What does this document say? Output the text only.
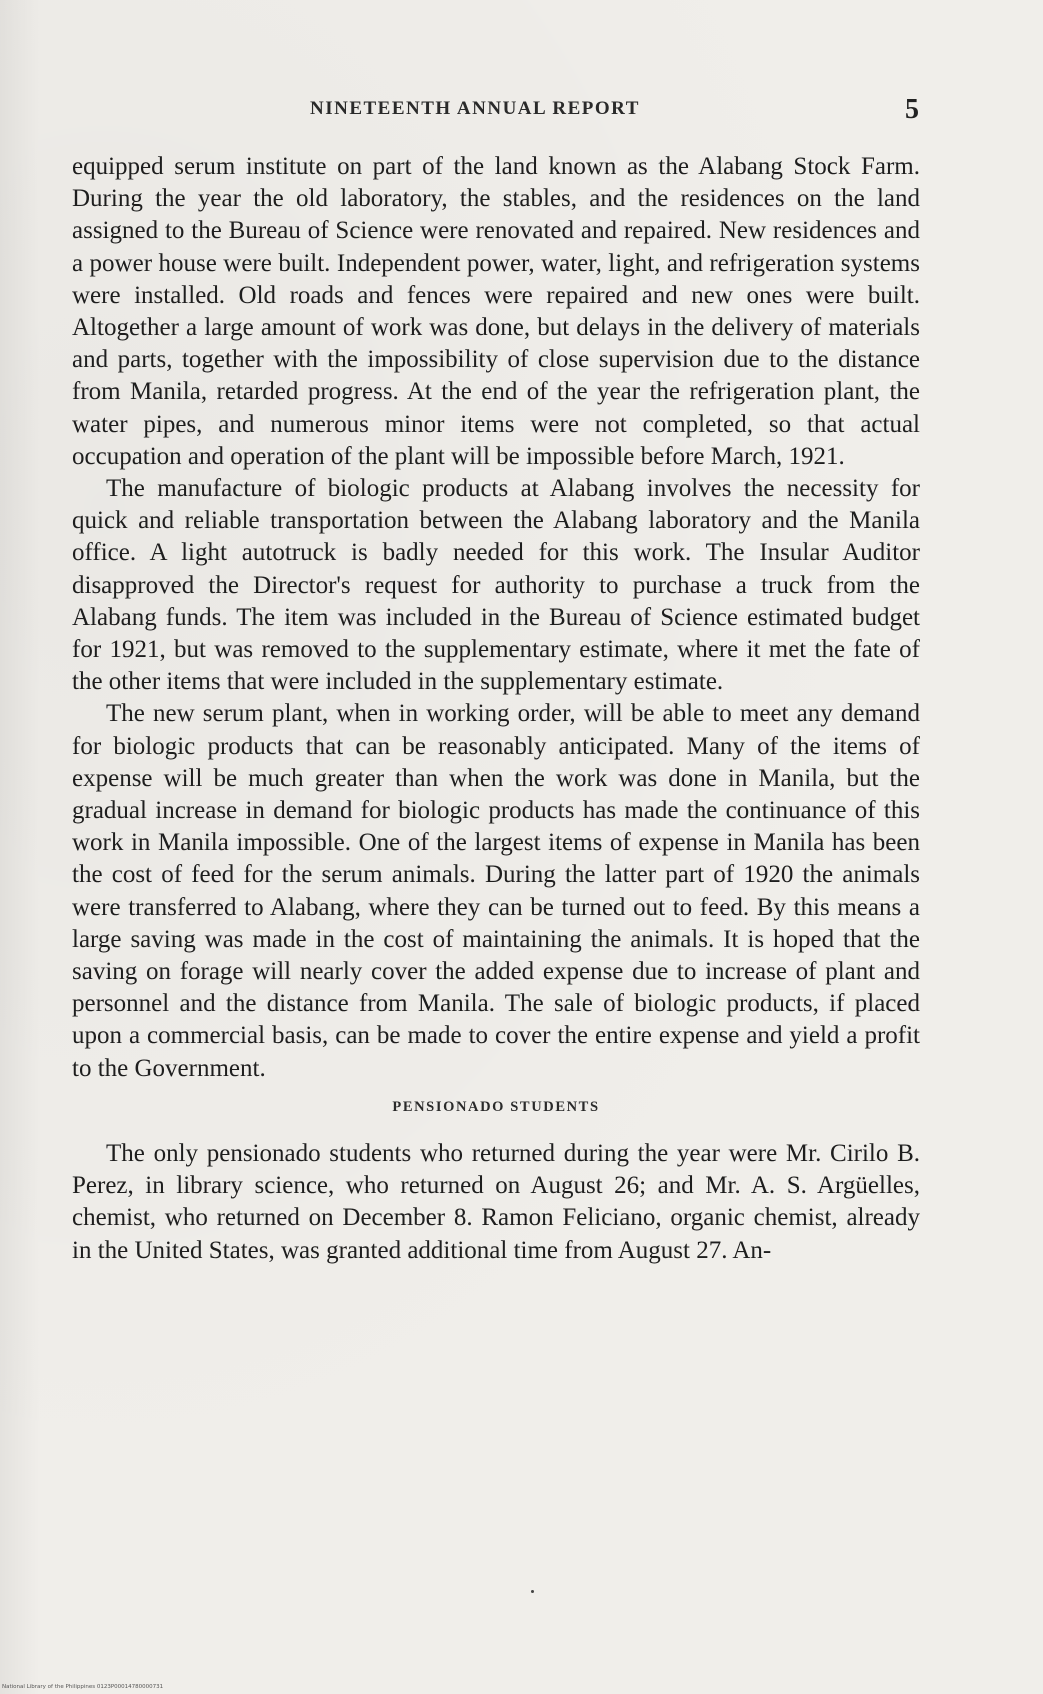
NINETEENTH ANNUAL REPORT	5

equipped serum institute on part of the land known as the Alabang Stock Farm. During the year the old laboratory, the stables, and the residences on the land assigned to the Bureau of Science were renovated and repaired. New residences and a power house were built. Independent power, water, light, and refrigeration systems were installed. Old roads and fences were repaired and new ones were built. Altogether a large amount of work was done, but delays in the delivery of materials and parts, together with the impossibility of close supervision due to the distance from Manila, retarded progress. At the end of the year the refrigeration plant, the water pipes, and numerous minor items were not completed, so that actual occupation and operation of the plant will be impossible before March, 1921.

The manufacture of biologic products at Alabang involves the necessity for quick and reliable transportation between the Alabang laboratory and the Manila office. A light autotruck is badly needed for this work. The Insular Auditor disapproved the Director's request for authority to purchase a truck from the Alabang funds. The item was included in the Bureau of Science estimated budget for 1921, but was removed to the supplementary estimate, where it met the fate of the other items that were included in the supplementary estimate.

The new serum plant, when in working order, will be able to meet any demand for biologic products that can be reasonably anticipated. Many of the items of expense will be much greater than when the work was done in Manila, but the gradual increase in demand for biologic products has made the continuance of this work in Manila impossible. One of the largest items of expense in Manila has been the cost of feed for the serum animals. During the latter part of 1920 the animals were transferred to Alabang, where they can be turned out to feed. By this means a large saving was made in the cost of maintaining the animals. It is hoped that the saving on forage will nearly cover the added expense due to increase of plant and personnel and the distance from Manila. The sale of biologic products, if placed upon a commercial basis, can be made to cover the entire expense and yield a profit to the Government.

PENSIONADO STUDENTS

The only pensionado students who returned during the year were Mr. Cirilo B. Perez, in library science, who returned on August 26; and Mr. A. S. Argüelles, chemist, who returned on December 8. Ramon Feliciano, organic chemist, already in the United States, was granted additional time from August 27. An-

National Library of the Philippines 0123P00014780000731
